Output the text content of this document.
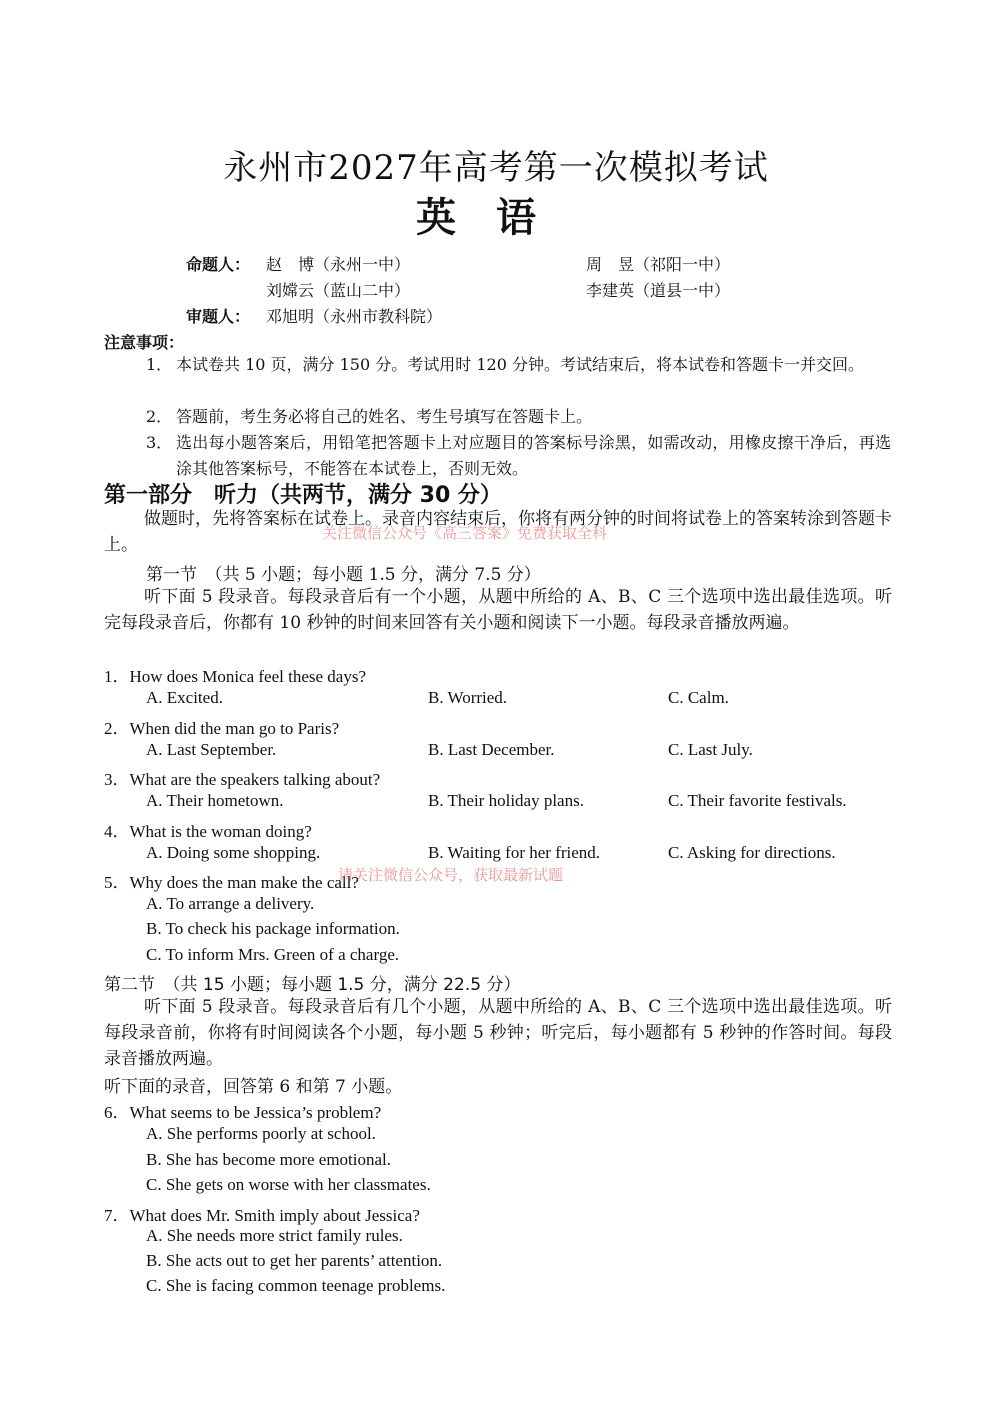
永州市2027年高考第一次模拟考试
英语
命题人： 赵　博（永州一中）	周　昱（祁阳一中）
刘嫦云（蓝山二中）	李建英（道县一中）
审题人： 邓旭明（永州市教科院）
注意事项：
1． 本试卷共 10 页，满分 150 分。考试用时 120 分钟。考试结束后，将本试卷和答题卡一并交回。
2． 答题前，考生务必将自己的姓名、考生号填写在答题卡上。
3． 选出每小题答案后，用铅笔把答题卡上对应题目的答案标号涂黑，如需改动，用橡皮擦干净后，再选涂其他答案标号，不能答在本试卷上，否则无效。
第一部分　听力（共两节，满分 30 分）
做题时，先将答案标在试卷上。录音内容结束后，你将有两分钟的时间将试卷上的答案转涂到答题卡上。
第一节　（共 5 小题；每小题 1.5 分，满分 7.5 分）
听下面 5 段录音。每段录音后有一个小题，从题中所给的 A、B、C 三个选项中选出最佳选项。听完每段录音后，你都有 10 秒钟的时间来回答有关小题和阅读下一小题。每段录音播放两遍。
1．How does Monica feel these days?
A. Excited.	B. Worried.	C. Calm.
2．When did the man go to Paris?
A. Last September.	B. Last December.	C. Last July.
3．What are the speakers talking about?
A. Their hometown.	B. Their holiday plans.	C. Their favorite festivals.
4．What is the woman doing?
A. Doing some shopping.	B. Waiting for her friend.	C. Asking for directions.
5．Why does the man make the call?
A. To arrange a delivery.
B. To check his package information.
C. To inform Mrs. Green of a charge.
第二节　（共 15 小题；每小题 1.5 分，满分 22.5 分）
听下面 5 段录音。每段录音后有几个小题，从题中所给的 A、B、C 三个选项中选出最佳选项。听每段录音前，你将有时间阅读各个小题，每小题 5 秒钟；听完后，每小题都有 5 秒钟的作答时间。每段录音播放两遍。
听下面的录音，回答第 6 和第 7 小题。
6．What seems to be Jessica’s problem?
A. She performs poorly at school.
B. She has become more emotional.
C. She gets on worse with her classmates.
7．What does Mr. Smith imply about Jessica?
A. She needs more strict family rules.
B. She acts out to get her parents’ attention.
C. She is facing common teenage problems.
关注微信公众号《高三答案》免费获取全科
请关注微信公众号，获取最新试题
